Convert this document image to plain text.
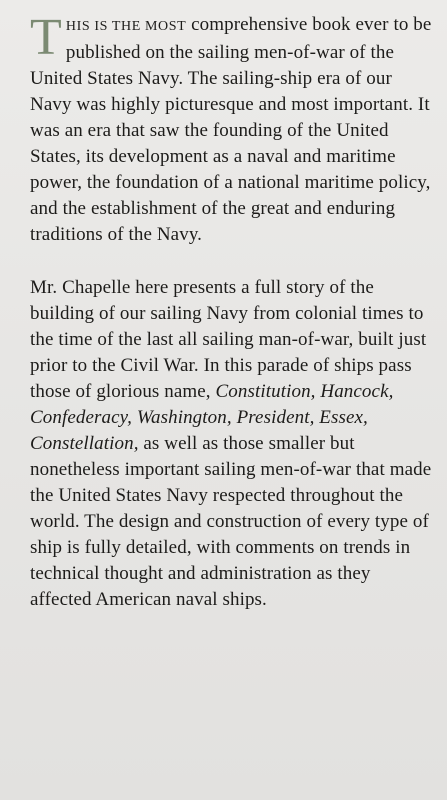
THIS IS THE MOST comprehensive book ever to be published on the sailing men-of-war of the United States Navy. The sailing-ship era of our Navy was highly picturesque and most important. It was an era that saw the founding of the United States, its development as a naval and maritime power, the foundation of a national maritime policy, and the establishment of the great and enduring traditions of the Navy.

Mr. Chapelle here presents a full story of the building of our sailing Navy from colonial times to the time of the last all sailing man-of-war, built just prior to the Civil War. In this parade of ships pass those of glorious name, Constitution, Hancock, Confederacy, Washington, President, Essex, Constellation, as well as those smaller but nonetheless important sailing men-of-war that made the United States Navy respected throughout the world. The design and construction of every type of ship is fully detailed, with comments on trends in technical thought and administration as they affected American naval ships.
